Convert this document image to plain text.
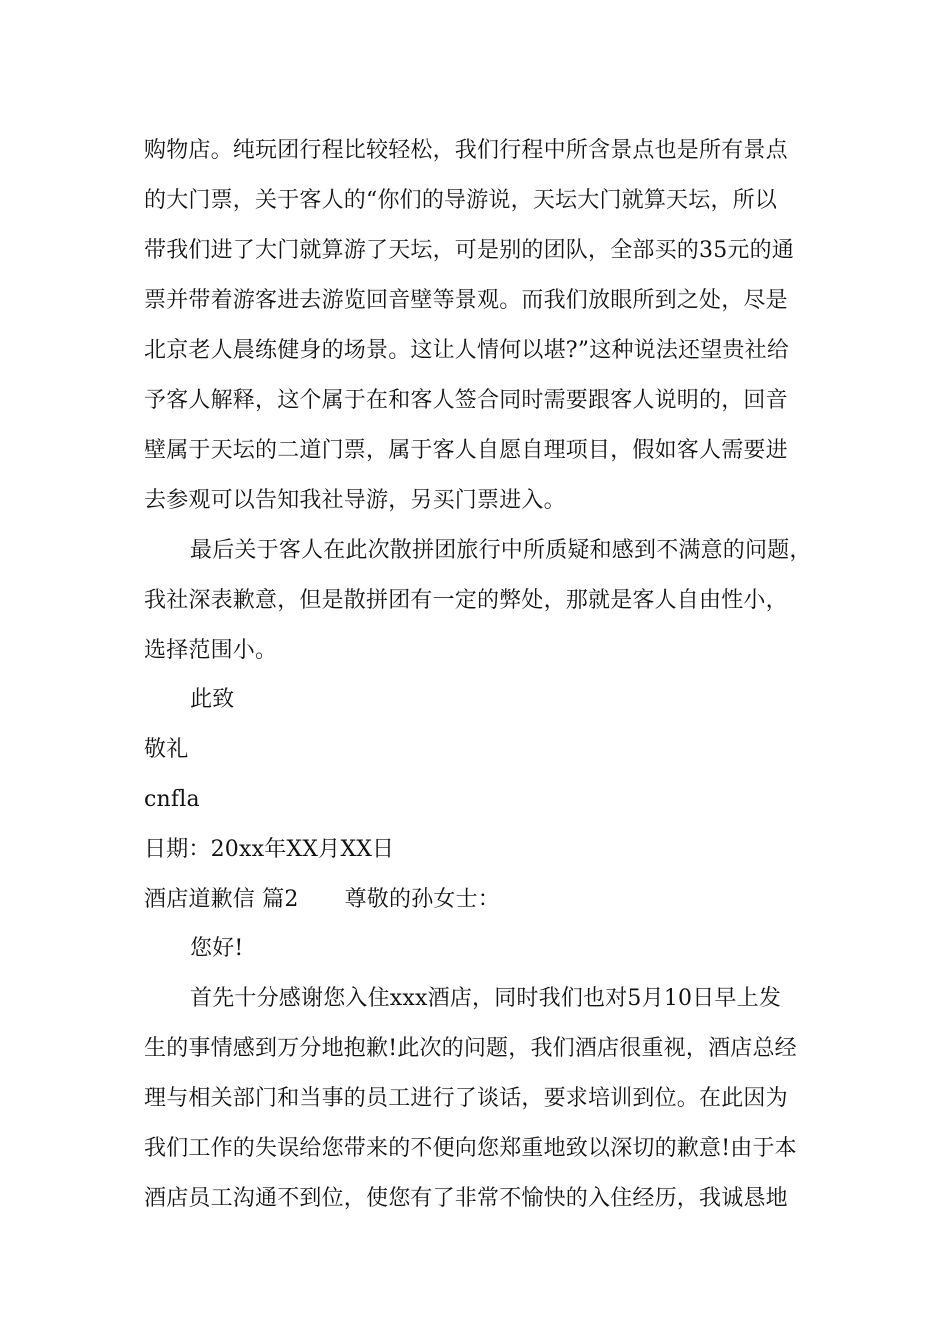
购物店。纯玩团行程比较轻松，我们行程中所含景点也是所有景点
的大门票，关于客人的“你们的导游说，天坛大门就算天坛，所以
带我们进了大门就算游了天坛，可是别的团队，全部买的35元的通
票并带着游客进去游览回音壁等景观。而我们放眼所到之处，尽是
北京老人晨练健身的场景。这让人情何以堪?”这种说法还望贵社给
予客人解释，这个属于在和客人签合同时需要跟客人说明的，回音
壁属于天坛的二道门票，属于客人自愿自理项目，假如客人需要进
去参观可以告知我社导游，另买门票进入。
最后关于客人在此次散拼团旅行中所质疑和感到不满意的问题，
我社深表歉意，但是散拼团有一定的弊处，那就是客人自由性小，
选择范围小。
此致
敬礼
cnfla
日期：20xx年XX月XX日
酒店道歉信 篇2 尊敬的孙女士：
您好!
首先十分感谢您入住xxx酒店，同时我们也对5月10日早上发
生的事情感到万分地抱歉!此次的问题，我们酒店很重视，酒店总经
理与相关部门和当事的员工进行了谈话，要求培训到位。在此因为
我们工作的失误给您带来的不便向您郑重地致以深切的歉意!由于本
酒店员工沟通不到位，使您有了非常不愉快的入住经历，我诚恳地
